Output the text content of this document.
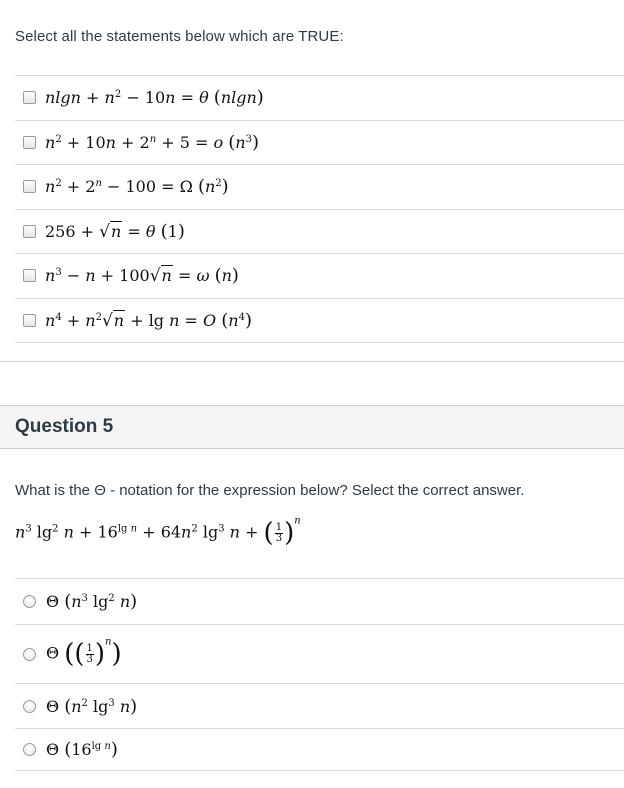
Select all the statements below which are TRUE:
$nlgn + n^2 - 10n = \theta$ (nlgn)
$n^2 + 10n + 2^n + 5 = o$ $(n^3)$
$n^2 + 2^n - 100 = \Omega$ $(n^2)$
256 + √n = θ (1)
$n^3 - n + 100√n = \omega$ (n)
$n^4 + n^2√n + \lg n = O$ $(n^4)$
Question 5
What is the Θ - notation for the expression below? Select the correct answer.
$n^3$ $\lg^2 n + 16^{lg n} + 64n^2$ $\lg^3 n$ + ( $\frac{1}{3} )^n$
Θ ($n^3$ $\lg^2 n$)
Θ (( $\frac{1}{3} )^n$)
Θ ($n^2$ $\lg^3 n$)
Θ $(16^{lg n})$
